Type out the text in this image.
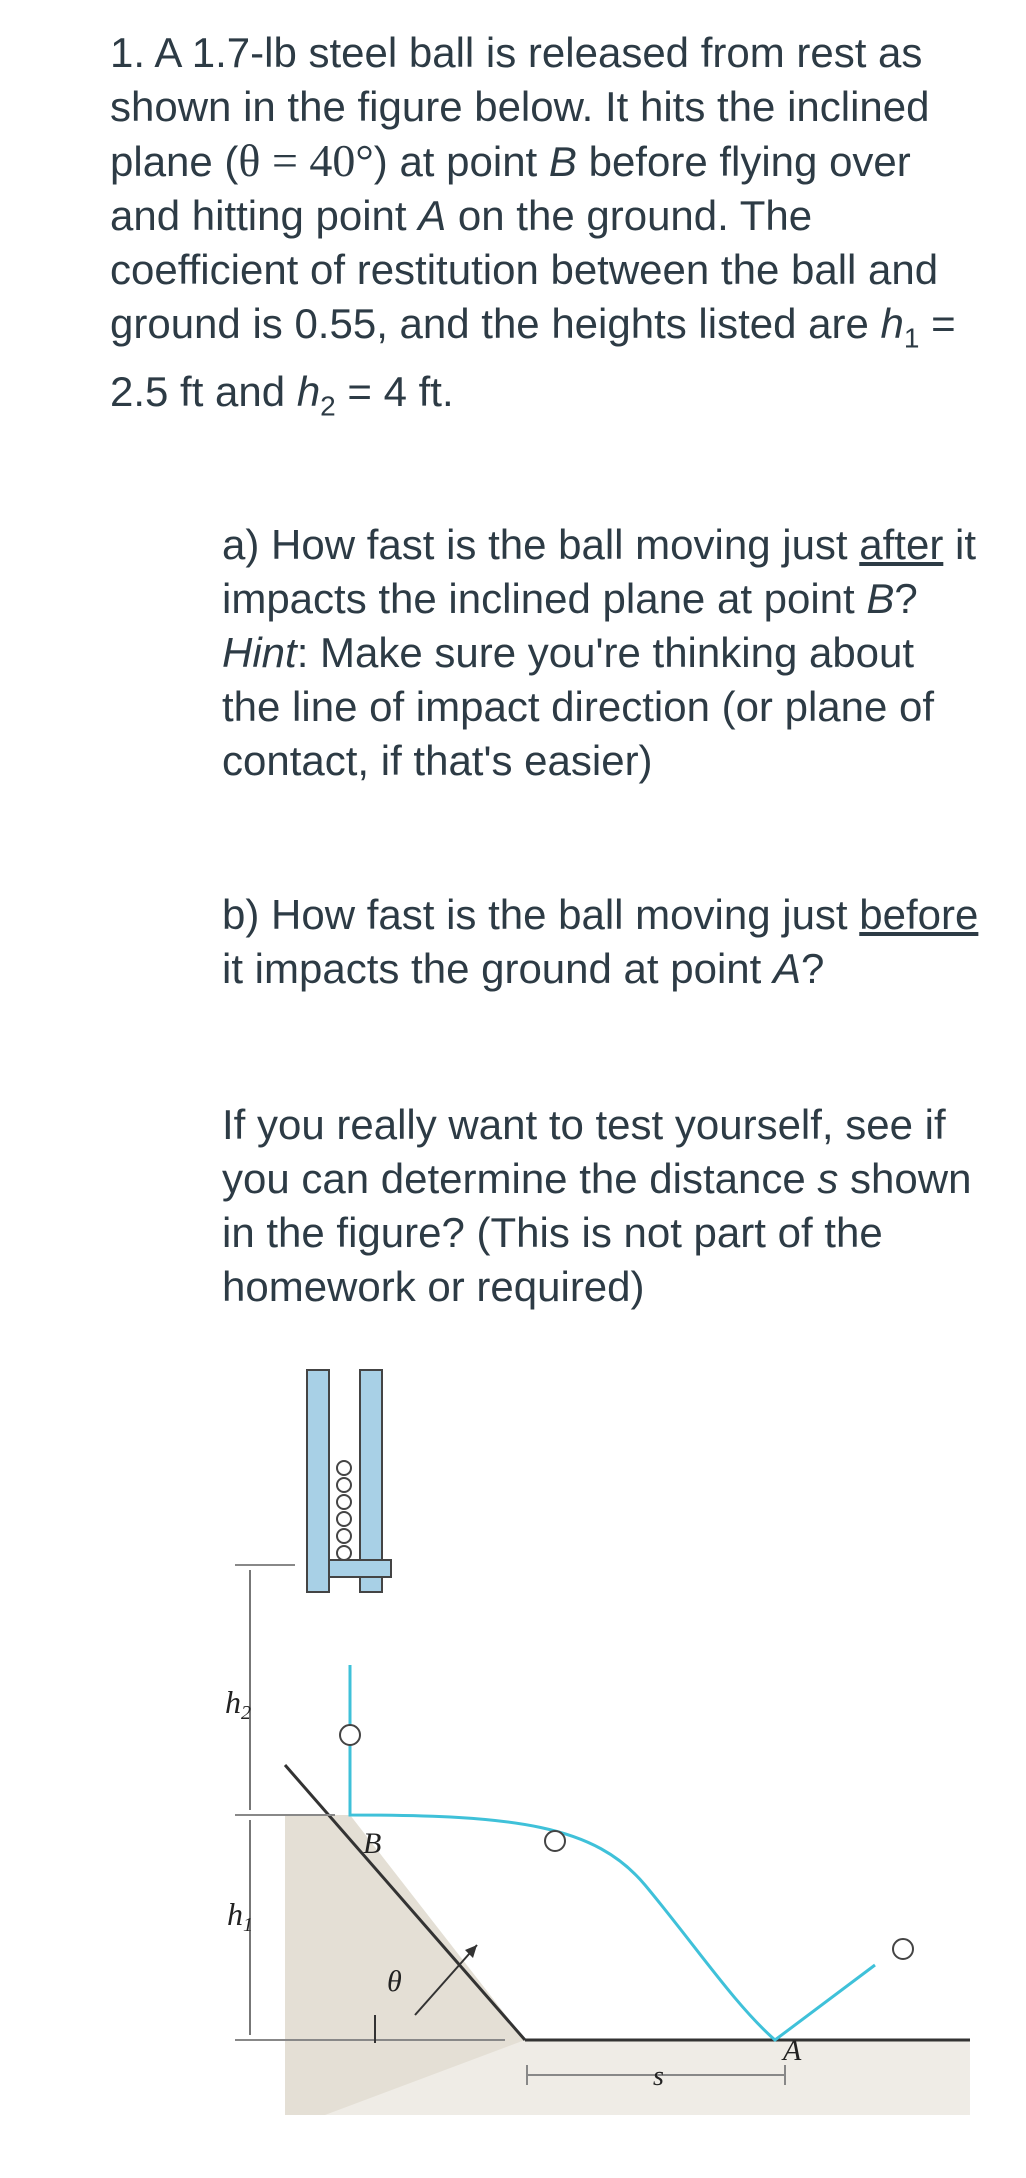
1. A 1.7-lb steel ball is released from rest as shown in the figure below. It hits the inclined plane (θ = 40°) at point B before flying over and hitting point A on the ground. The coefficient of restitution between the ball and ground is 0.55, and the heights listed are $h_1 = 2.5$ ft and $h_2 = 4$ ft.

a) How fast is the ball moving just after it impacts the inclined plane at point B? Hint: Make sure you're thinking about the line of impact direction (or plane of contact, if that's easier)

b) How fast is the ball moving just before it impacts the ground at point A?

If you really want to test yourself, see if you can determine the distance s shown in the figure? (This is not part of the homework or required)

h2
h1
B
θ
A
s
